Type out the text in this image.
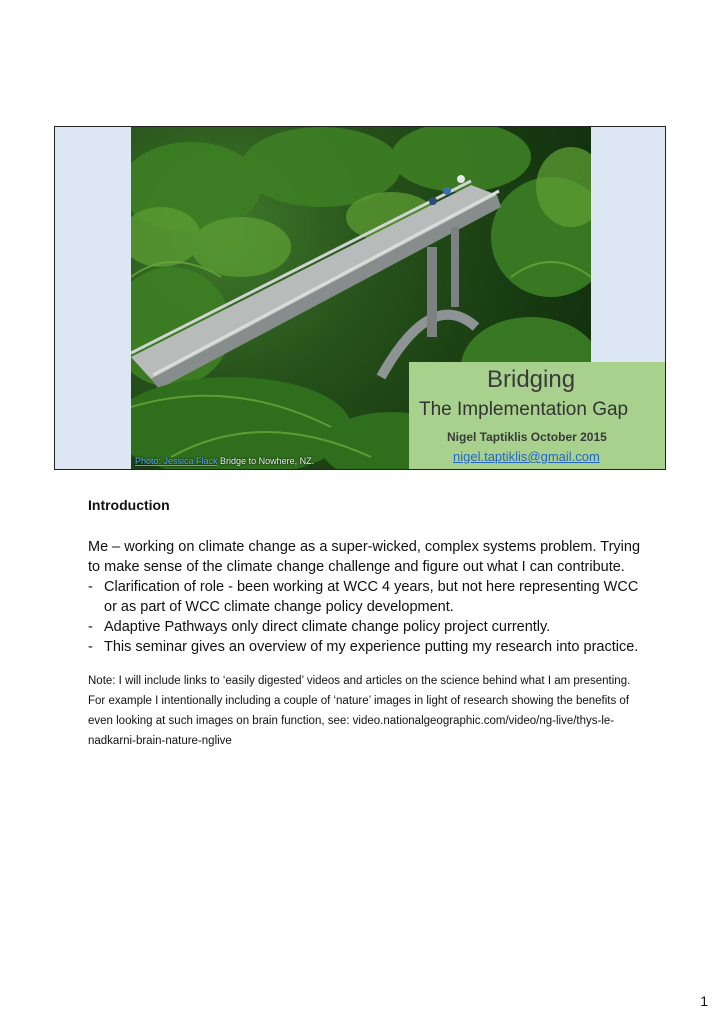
Photo: Jessica Flack Bridge to Nowhere, NZ.
Bridging
The Implementation Gap
Nigel Taptiklis October 2015
nigel.taptiklis@gmail.com
Introduction

Me – working on climate change as a super-wicked, complex systems problem. Trying to make sense of the climate change challenge and figure out what I can contribute.

- Clarification of role - been working at WCC 4 years, but not here representing WCC or as part of WCC climate change policy development.
- Adaptive Pathways only direct climate change policy project currently.
- This seminar gives an overview of my experience putting my research into practice.
Note: I will include links to ‘easily digested’ videos and articles on the science behind what I am presenting. For example I intentionally including a couple of ‘nature’ images in light of research showing the benefits of even looking at such images on brain function, see: video.nationalgeographic.com/video/ng-live/thys-le-nadkarni-brain-nature-nglive
1
